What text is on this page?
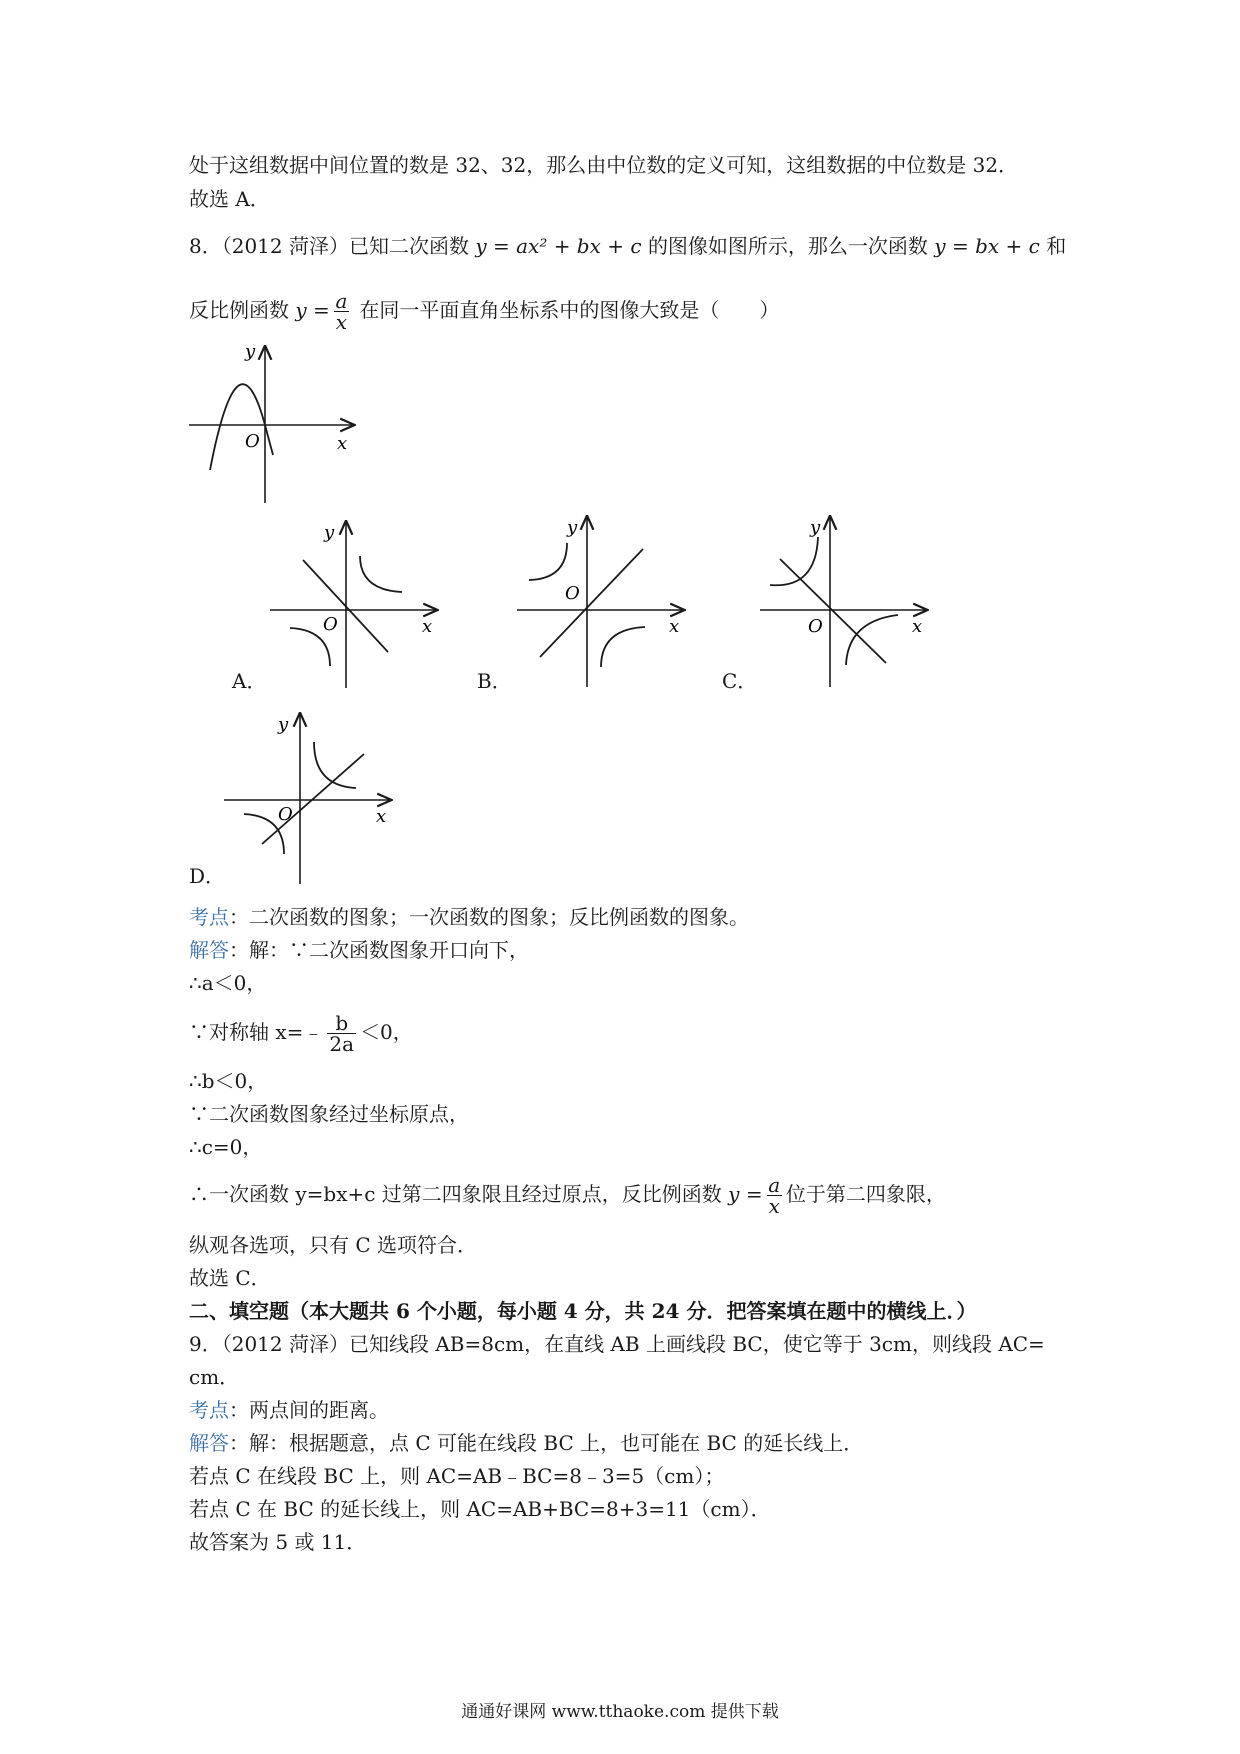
处于这组数据中间位置的数是 32、32，那么由中位数的定义可知，这组数据的中位数是 32．
故选 A．
8．（2012 菏泽）已知二次函数 y = ax² + bx + c 的图像如图所示，那么一次函数 y = bx + c 和
反比例函数 $y = \frac{a}{x}$ 在同一平面直角坐标系中的图像大致是（　　）
y
x
O
y
x
O
A．
y
x
O
B．
y
x
O
C．
y
x
O
D．
考点：二次函数的图象；一次函数的图象；反比例函数的图象。
解答：解：∵二次函数图象开口向下，
∴a＜0，
∵对称轴 x=﹣ $\frac{b}{2a} <0$，
∴b＜0，
∵二次函数图象经过坐标原点，
∴c=0，
∴一次函数 y=bx+c 过第二四象限且经过原点，反比例函数 $y = \frac{a}{x}$ 位于第二四象限，
纵观各选项，只有 C 选项符合．
故选 C．
二、填空题（本大题共 6 个小题，每小题 4 分，共 24 分．把答案填在题中的横线上．）
9．（2012 菏泽）已知线段 AB=8cm，在直线 AB 上画线段 BC，使它等于 3cm，则线段 AC=
cm．
考点：两点间的距离。
解答：解：根据题意，点 C 可能在线段 BC 上，也可能在 BC 的延长线上．
若点 C 在线段 BC 上，则 AC=AB﹣BC=8﹣3=5（cm）；
若点 C 在 BC 的延长线上，则 AC=AB+BC=8+3=11（cm）．
故答案为 5 或 11．
通通好课网 www.tthaoke.com 提供下载
